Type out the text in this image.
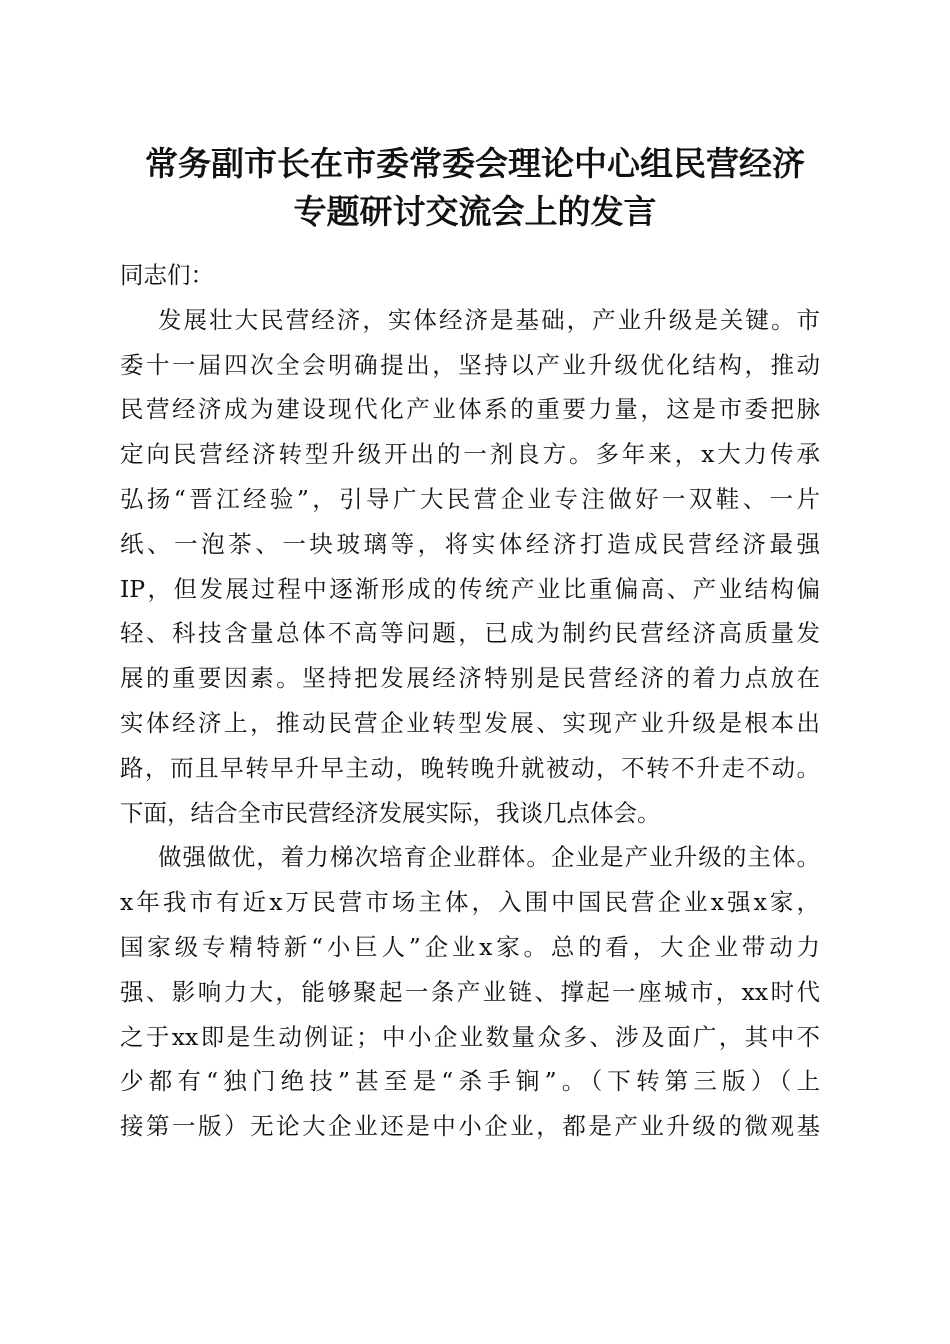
常务副市长在市委常委会理论中心组民营经济
专题研讨交流会上的发言
同志们：
发展壮大民营经济，实体经济是基础，产业升级是关键。市
委十一届四次全会明确提出，坚持以产业升级优化结构，推动
民营经济成为建设现代化产业体系的重要力量，这是市委把脉
定向民营经济转型升级开出的一剂良方。多年来，x大力传承
弘扬“晋江经验”，引导广大民营企业专注做好一双鞋、一片
纸、一泡茶、一块玻璃等，将实体经济打造成民营经济最强
IP，但发展过程中逐渐形成的传统产业比重偏高、产业结构偏
轻、科技含量总体不高等问题，已成为制约民营经济高质量发
展的重要因素。坚持把发展经济特别是民营经济的着力点放在
实体经济上，推动民营企业转型发展、实现产业升级是根本出
路，而且早转早升早主动，晚转晚升就被动，不转不升走不动。
下面，结合全市民营经济发展实际，我谈几点体会。
做强做优，着力梯次培育企业群体。企业是产业升级的主体。
x年我市有近x万民营市场主体，入围中国民营企业x强x家，
国家级专精特新“小巨人”企业x家。总的看，大企业带动力
强、影响力大，能够聚起一条产业链、撑起一座城市，xx时代
之于xx即是生动例证；中小企业数量众多、涉及面广，其中不
少都有“独门绝技”甚至是“杀手锏”。（下转第三版）（上
接第一版）无论大企业还是中小企业，都是产业升级的微观基
